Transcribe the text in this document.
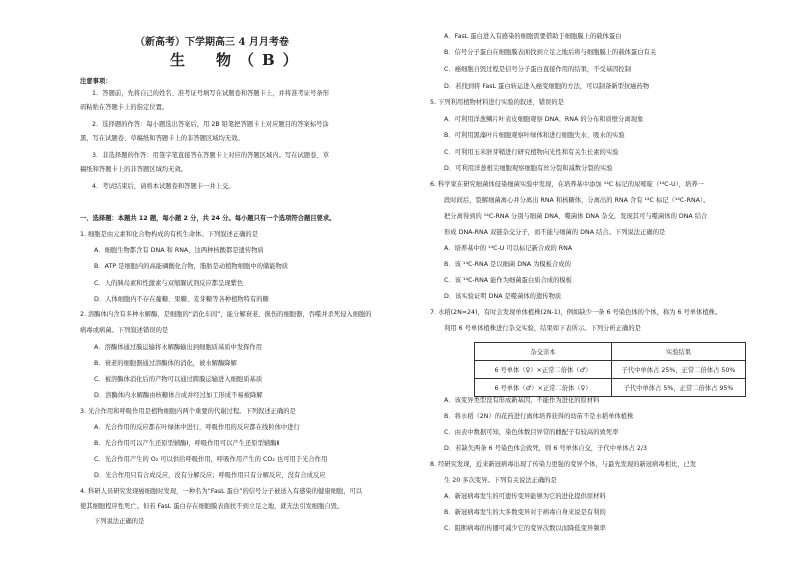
（新高考）下学期高三 4 月月考卷
生　物（B）
注意事项：
1．答题前，先将自己的姓名、准考证号填写在试题卷和答题卡上，并将准考证号条形
码粘贴在答题卡上的指定位置。
2．选择题的作答：每小题选出答案后，用 2B 铅笔把答题卡上对应题目的答案标号涂
黑，写在试题卷、草稿纸和答题卡上的非答题区域均无效。
3．非选择题的作答：用签字笔直接答在答题卡上对应的答题区域内。写在试题卷、草
稿纸和答题卡上的非答题区域均无效。
4．考试结束后，请将本试题卷和答题卡一并上交。
一、选择题：本题共 12 题，每小题 2 分，共 24 分。每小题只有一个选项符合题目要求。
1. 细胞是由元素和化合物构成的有机生命体。下列叙述正确的是
A．细胞生物都含有 DNA 和 RNA，这两种核酸都是遗传物质
B．ATP 是细胞内的高能磷酸化合物，脂肪是动植物细胞中的储能物质
C．人的胰岛素和性激素与双缩脲试剂反应都呈现紫色
D．人体细胞内不存在葡糖、果糖、麦芽糖等各种植物特有的糖
2. 溶酶体内含有多种水解酶，是细胞的“消化车间”，能分解衰老、损伤的细胞器，吞噬并杀死侵入细胞的
病毒或病菌。下列叙述错误的是
A．溶酶体通过膜运输将水解酶输出到细胞质基质中发挥作用
B．衰老的细胞器通过溶酶体的消化，被水解酶降解
C．被溶酶体消化后的产物可以通过跨膜运输进入细胞质基质
D．溶酶体内水解酶由核糖体合成并经过加工形成不易被降解
3. 光合作用和呼吸作用是植物细胞内两个重要的代谢过程。下列叙述正确的是
A．光合作用的反应都在叶绿体中进行，呼吸作用的反应都在线粒体中进行
B．光合作用可以产生还原型辅酶Ⅰ，呼吸作用可以产生还原型辅酶Ⅱ
C．光合作用产生的 O₂ 可以供给呼吸作用，呼吸作用产生的 CO₂ 也可用于光合作用
D．光合作用只有合成反应，没有分解反应；呼吸作用只有分解反应，没有合成反应
4. 科研人员研究发现癌细胞时发现，一种名为“FasL 蛋白”的信号分子被送入有感染的健康细胞，可以
使其细胞程序性死亡。但若 FasL 蛋白存在细胞膜表面扶不到立足之地，就无法引发细胞自毁。
下列说法正确的是
A．FasL 蛋白进入有感染的细胞需要借助于细胞膜上的载体蛋白
B．信号分子蛋白在细胞膜表面找到立足之地后将与细胞膜上的载体蛋白有关
C．癌细胞自毁过程是信号分子蛋白直接作用的结果，不受基因控制
D．若找到将 FasL 蛋白转运进入癌变细胞的方法，可以制备新型抗癌药物
5. 下列利用植物材料进行实验的叙述，错误的是
A．可利用洋葱鳞片叶表皮细胞观察 DNA、RNA 的分布和质壁分离现象
B．可利用黑藻叶片细胞观察叶绿体和进行细胞失水、吸水的实验
C．可利用玉米胚芽鞘进行研究植物向光性和有关生长素的实验
D．可利用洋葱根尖细胞观察细胞有丝分裂和减数分裂的实验
6. 科学家在研究细菌体侵染细菌实验中发现，在培养基中添加 ¹⁴C 标记的尿嘧啶（¹⁴C-U），培养一
段时间后，裂解细菌离心并分离出 RNA 和核糖体，分离出的 RNA 含有 ¹⁴C 标记（¹⁴C-RNA）。
把分离得到的 ¹⁴C-RNA 分别与细菌 DNA、噬菌体 DNA 杂交，发现其可与噬菌体的 DNA 结合
形成 DNA-RNA 双链杂交分子，而不能与细菌的 DNA 结合。下列说法正确的是
A．培养基中的 ¹⁴C-U 可以标记新合成的 RNA
B．该 ¹⁴C-RNA 是以细菌 DNA 为模板合成的
C．该 ¹⁴C-RNA 能作为细菌蛋白质合成的模板
D．该实验证明 DNA 是噬菌体的遗传物质
7. 水稻(2N=24)，有时会发现单体植株(2N-1)，例如缺少一条 6 号染色体的个体，称为 6 号单体植株。
利用 6 号单体植株进行杂交实验，结果如下表所示。下列分析正确的是
杂交亲本	实验结果
6 号单体（♀）×正常二倍体（♂）	子代中单体占 25%，正常二倍体占 50%
6 号单体（♂）×正常二倍体（♀）	子代中单体占 5%，正常二倍体占 95%
A．该变异类型没有形成新基因，不能作为进化的原材料
B．将水稻（2N）的花药进行离体培养获得的幼苗不是水稻单体植株
C．由表中数据可知，染色体数目异常的雌配子有较高的致死率
D．若缺失两条 6 号染色体会致死，则 6 号单体自交，子代中单体占 2/3
8. 经研究发现，近来新冠病毒出现了传染力更强的变异个体，与最先发现的新冠病毒相比，已发
生 20 多次变异。下列有关说法正确的是
A．新冠病毒发生的可遗传变异能够为它的进化提供原材料
B．新冠病毒发生的大多数变异对于病毒自身来说是有利的
C．阻断病毒的传播可减少它的变异次数以而降低变异频率
